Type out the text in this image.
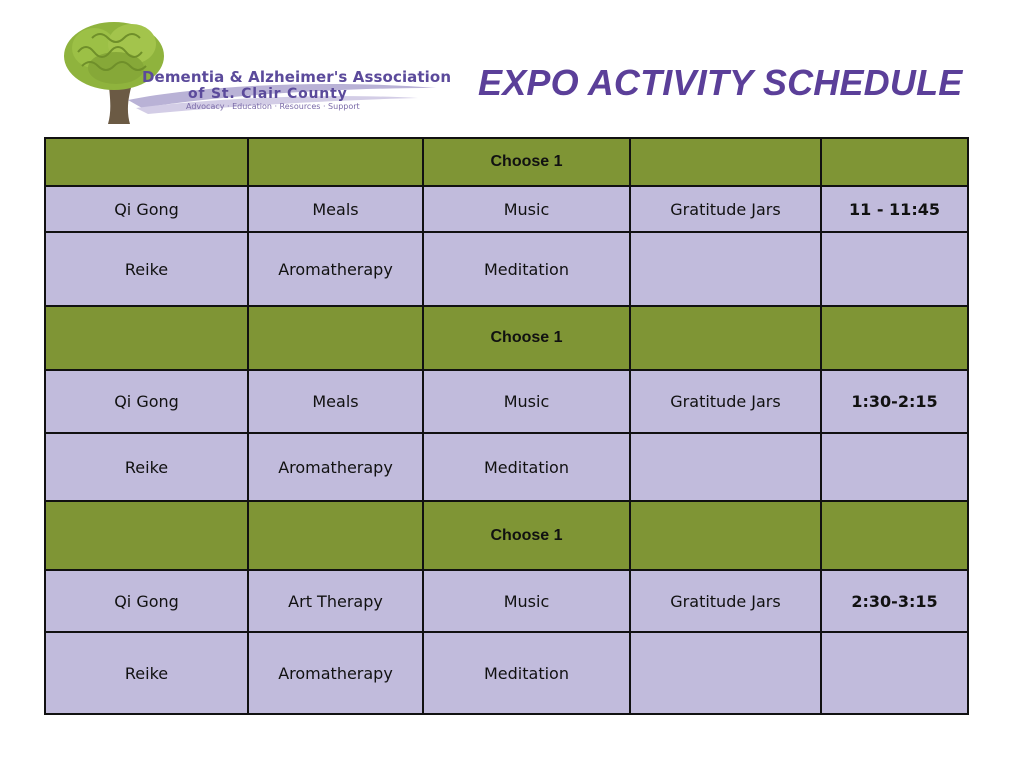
Dementia & Alzheimer's Association
of St. Clair County
Advocacy · Education · Resources · Support
EXPO ACTIVITY SCHEDULE
		Choose 1		
Qi Gong	Meals	Music	Gratitude Jars	11 - 11:45
Reike	Aromatherapy	Meditation		
		Choose 1		
Qi Gong	Meals	Music	Gratitude Jars	1:30-2:15
Reike	Aromatherapy	Meditation		
		Choose 1		
Qi Gong	Art Therapy	Music	Gratitude Jars	2:30-3:15
Reike	Aromatherapy	Meditation		
